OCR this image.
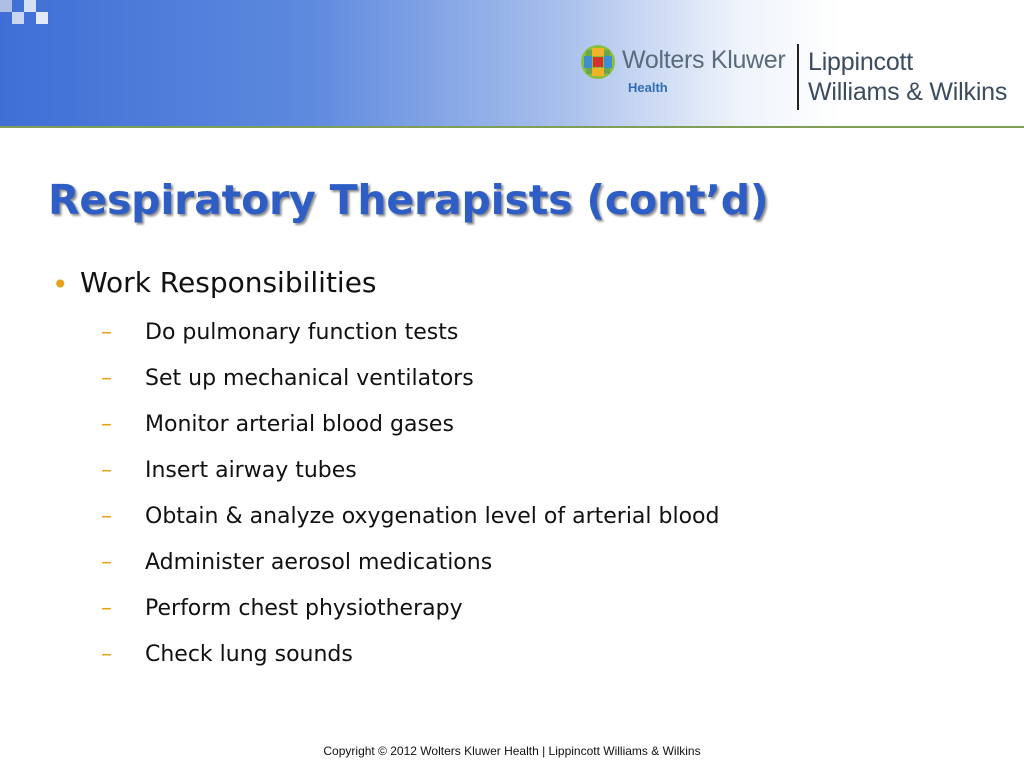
Wolters Kluwer
Health
Lippincott
Williams & Wilkins
Respiratory Therapists (cont’d)
• Work Responsibilities
– Do pulmonary function tests
– Set up mechanical ventilators
– Monitor arterial blood gases
– Insert airway tubes
– Obtain & analyze oxygenation level of arterial blood
– Administer aerosol medications
– Perform chest physiotherapy
– Check lung sounds
Copyright © 2012 Wolters Kluwer Health | Lippincott Williams & Wilkins
